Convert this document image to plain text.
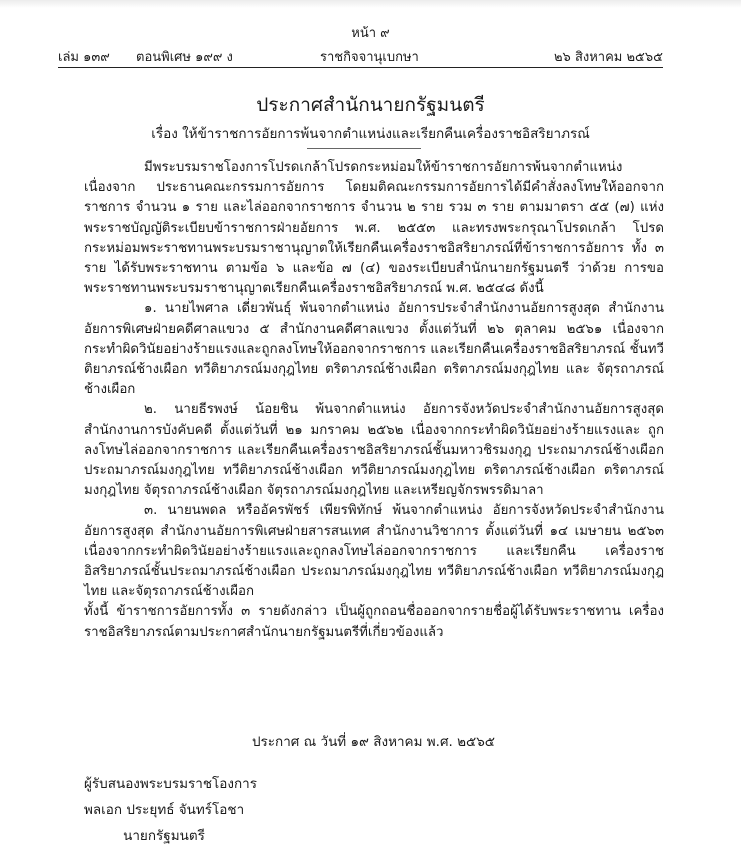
หน้า ๙
เล่ม ๑๓๙ ตอนพิเศษ ๑๙๙ ง	ราชกิจจานุเบกษา	๒๖ สิงหาคม ๒๕๖๕
ประกาศสำนักนายกรัฐมนตรี
เรื่อง ให้ข้าราชการอัยการพ้นจากตำแหน่งและเรียกคืนเครื่องราชอิสริยาภรณ์

มีพระบรมราชโองการโปรดเกล้าโปรดกระหม่อมให้ข้าราชการอัยการพ้นจากตำแหน่งเนื่องจาก ประธานคณะกรรมการอัยการ โดยมติคณะกรรมการอัยการได้มีคำสั่งลงโทษให้ออกจากราชการ จำนวน ๑ ราย และไล่ออกจากราชการ จำนวน ๒ ราย รวม ๓ ราย ตามมาตรา ๕๕ (๗) แห่งพระราชบัญญัติระเบียบข้าราชการฝ่ายอัยการ พ.ศ. ๒๕๕๓ และทรงพระกรุณาโปรดเกล้า โปรดกระหม่อมพระราชทานพระบรมราชานุญาตให้เรียกคืนเครื่องราชอิสริยาภรณ์ที่ข้าราชการอัยการ ทั้ง ๓ ราย ได้รับพระราชทาน ตามข้อ ๖ และข้อ ๗ (๔) ของระเบียบสำนักนายกรัฐมนตรี ว่าด้วย การขอพระราชทานพระบรมราชานุญาตเรียกคืนเครื่องราชอิสริยาภรณ์ พ.ศ. ๒๕๔๘ ดังนี้

๑. นายไพศาล เดี่ยวพันธุ์ พ้นจากตำแหน่ง อัยการประจำสำนักงานอัยการสูงสุด สำนักงาน อัยการพิเศษฝ่ายคดีศาลแขวง ๕ สำนักงานคดีศาลแขวง ตั้งแต่วันที่ ๒๖ ตุลาคม ๒๕๖๑ เนื่องจาก กระทำผิดวินัยอย่างร้ายแรงและถูกลงโทษให้ออกจากราชการ และเรียกคืนเครื่องราชอิสริยาภรณ์ ชั้นทวีติยาภรณ์ช้างเผือก ทวีติยาภรณ์มงกุฎไทย ตริตาภรณ์ช้างเผือก ตริตาภรณ์มงกุฎไทย และ จัตุรถาภรณ์ช้างเผือก

๒. นายธีรพงษ์ น้อยชิน พ้นจากตำแหน่ง อัยการจังหวัดประจำสำนักงานอัยการสูงสุด สำนักงานการบังคับคดี ตั้งแต่วันที่ ๒๑ มกราคม ๒๕๖๒ เนื่องจากกระทำผิดวินัยอย่างร้ายแรงและ ถูกลงโทษไล่ออกจากราชการ และเรียกคืนเครื่องราชอิสริยาภรณ์ชั้นมหาวชิรมงกุฎ ประถมาภรณ์ช้างเผือก ประถมาภรณ์มงกุฎไทย ทวีติยาภรณ์ช้างเผือก ทวีติยาภรณ์มงกุฎไทย ตริตาภรณ์ช้างเผือก ตริตาภรณ์ มงกุฎไทย จัตุรถาภรณ์ช้างเผือก จัตุรถาภรณ์มงกุฎไทย และเหรียญจักรพรรดิมาลา

๓. นายนพดล หรืออัครพัชร์ เพียรพิทักษ์ พ้นจากตำแหน่ง อัยการจังหวัดประจำสำนักงาน อัยการสูงสุด สำนักงานอัยการพิเศษฝ่ายสารสนเทศ สำนักงานวิชาการ ตั้งแต่วันที่ ๑๔ เมษายน ๒๕๖๓ เนื่องจากกระทำผิดวินัยอย่างร้ายแรงและถูกลงโทษไล่ออกจากราชการ และเรียกคืน เครื่องราชอิสริยาภรณ์ชั้นประถมาภรณ์ช้างเผือก ประถมาภรณ์มงกุฎไทย ทวีติยาภรณ์ช้างเผือก ทวีติยาภรณ์มงกุฎไทย และจัตุรถาภรณ์ช้างเผือก

ทั้งนี้ ข้าราชการอัยการทั้ง ๓ รายดังกล่าว เป็นผู้ถูกถอนชื่อออกจากรายชื่อผู้ได้รับพระราชทาน เครื่องราชอิสริยาภรณ์ตามประกาศสำนักนายกรัฐมนตรีที่เกี่ยวข้องแล้ว

ประกาศ ณ วันที่ ๑๙ สิงหาคม พ.ศ. ๒๕๖๕
ผู้รับสนองพระบรมราชโองการ
พลเอก ประยุทธ์ จันทร์โอชา
นายกรัฐมนตรี
